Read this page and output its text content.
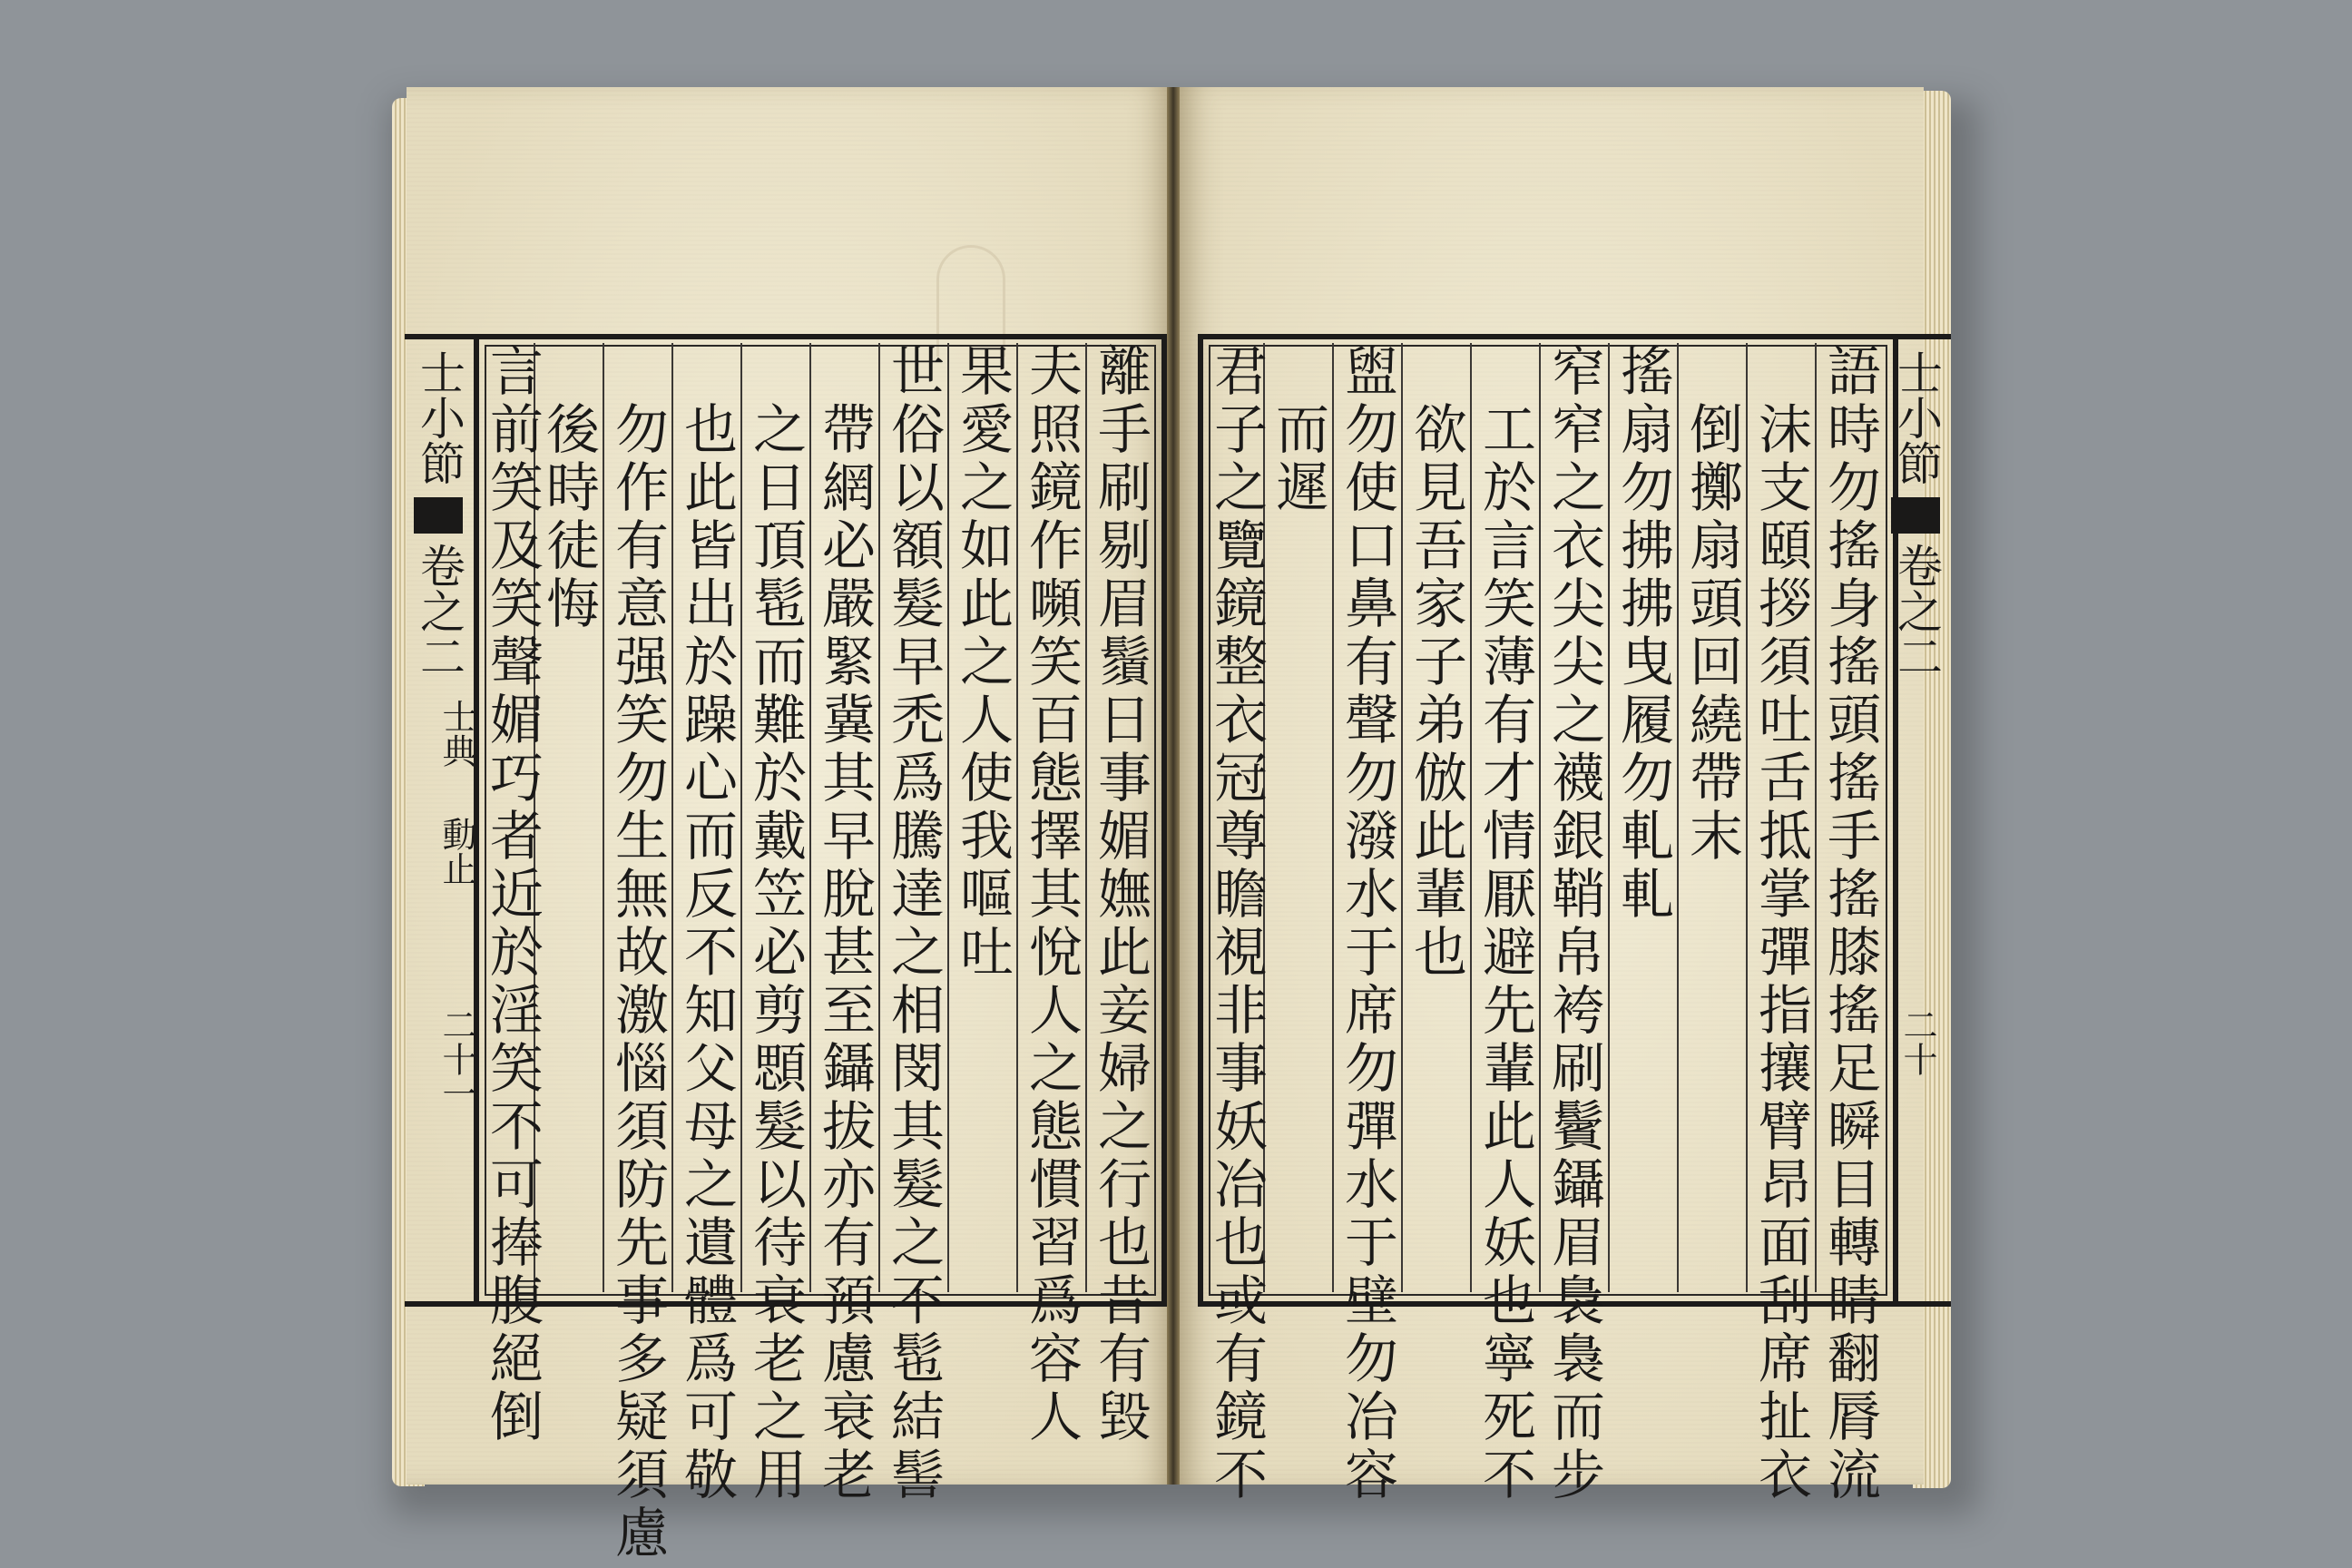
士小節
卷之二
士典
動止
二十一	離手刷剔眉鬚日事媚嫵此妾婦之行也昔有毀
夫照鏡作嚬笑百態擇其悅人之態慣習爲容人
果愛之如此之人使我嘔吐
世俗以額髮早禿爲騰達之相閔其髮之不髢結髻
帶網必嚴緊冀其早脫甚至鑷拔亦有預慮衰老
之日頂髢而難於戴笠必剪顋髮以待衰老之用
也此皆出於躁心而反不知父母之遺體爲可敬
勿作有意强笑勿生無故激惱須防先事多疑須慮
後時徒悔
言前笑及笑聲媚巧者近於淫笑不可捧腹絕倒	語時勿搖身搖頭搖手搖膝搖足瞬目轉睛翻脣流
沫支頤拶須吐舌抵掌彈指攘臂昂面刮席扯衣
倒擲扇頭回繞帶末
搖扇勿拂拂曳履勿軋軋
窄窄之衣尖尖之襪銀鞘帛袴刷鬢鑷眉裊裊而步
工於言笑薄有才情厭避先輩此人妖也寧死不
欲見吾家子弟倣此輩也
盥勿使口鼻有聲勿潑水于席勿彈水于壁勿冶容
而遲
君子之覽鏡整衣冠尊瞻視非事妖冶也或有鏡不	士小節
卷之二
二十
